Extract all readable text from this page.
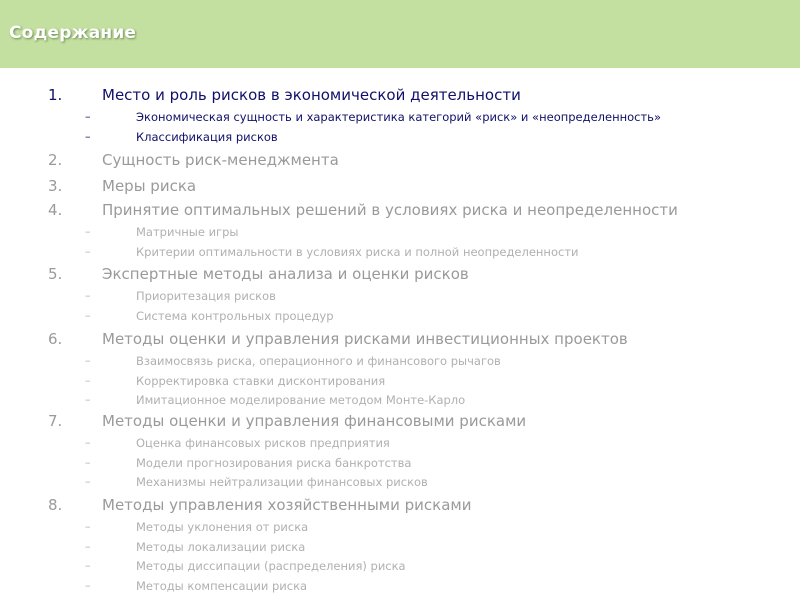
Содержание
1.	Место и роль рисков в экономической деятельности
–	Экономическая сущность и характеристика категорий «риск» и «неопределенность»
–	Классификация рисков
2.	Сущность риск-менеджмента
3.	Меры риска
4.	Принятие оптимальных решений в условиях риска и неопределенности
–	Матричные игры
–	Критерии оптимальности в условиях риска и полной неопределенности
5.	Экспертные методы анализа и оценки рисков
–	Приоритезация рисков
–	Система контрольных процедур
6.	Методы оценки и управления рисками инвестиционных проектов
–	Взаимосвязь риска, операционного и финансового рычагов
–	Корректировка ставки дисконтирования
–	Имитационное моделирование методом Монте-Карло
7.	Методы оценки и управления финансовыми рисками
–	Оценка финансовых рисков предприятия
–	Модели прогнозирования риска банкротства
–	Механизмы нейтрализации финансовых рисков
8.	Методы управления хозяйственными рисками
–	Методы уклонения от риска
–	Методы локализации риска
–	Методы диссипации (распределения) риска
–	Методы компенсации риска
